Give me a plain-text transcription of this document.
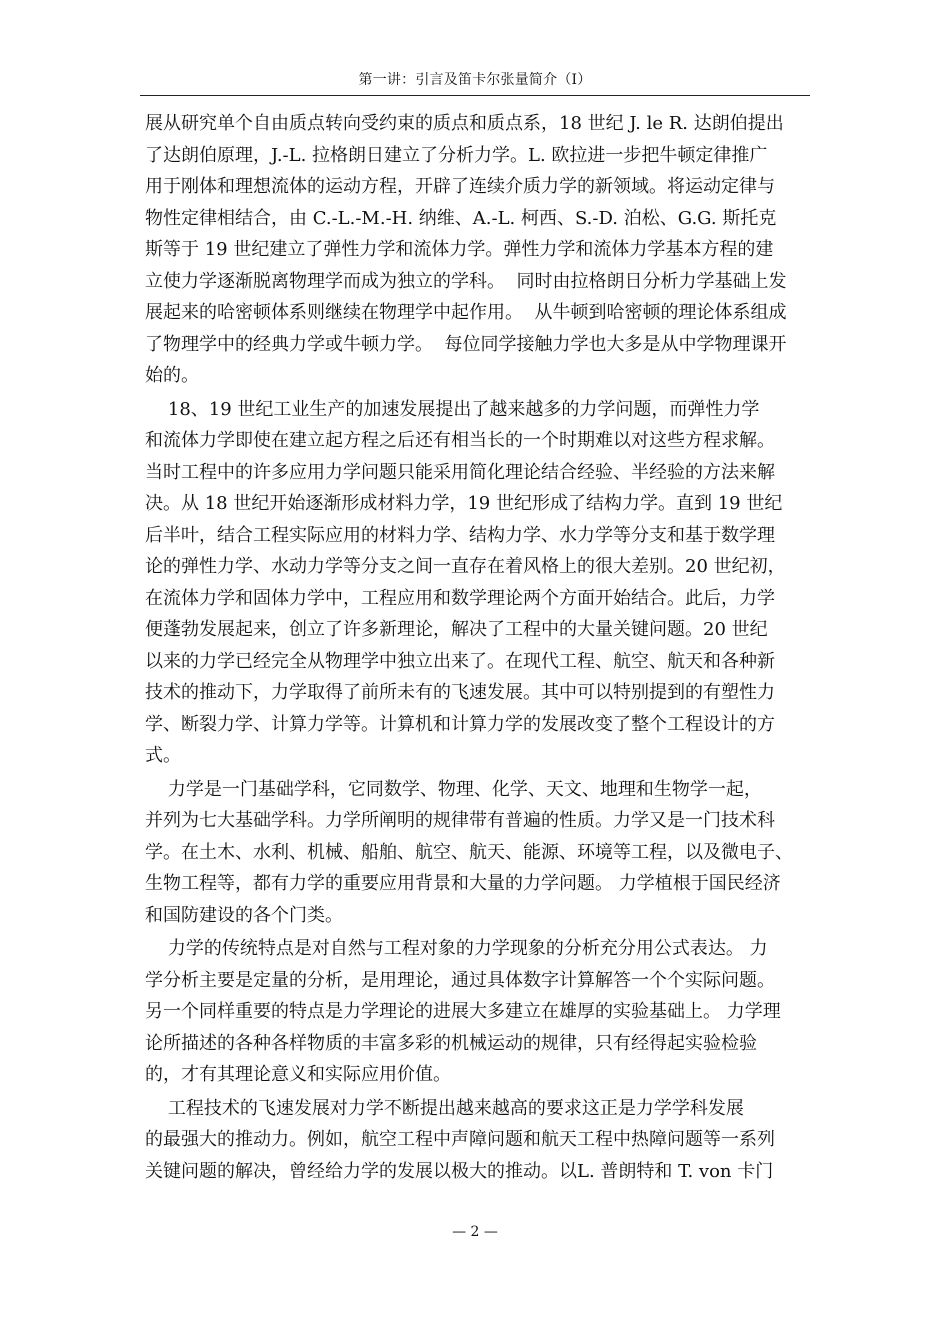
第一讲：引言及笛卡尔张量简介（I）
展从研究单个自由质点转向受约束的质点和质点系，18 世纪 J. le R. 达朗伯提出
了达朗伯原理，J.-L. 拉格朗日建立了分析力学。L. 欧拉进一步把牛顿定律推广
用于刚体和理想流体的运动方程，开辟了连续介质力学的新领域。将运动定律与
物性定律相结合，由 C.-L.-M.-H. 纳维、A.-L. 柯西、S.-D. 泊松、G.G. 斯托克
斯等于 19 世纪建立了弹性力学和流体力学。弹性力学和流体力学基本方程的建
立使力学逐渐脱离物理学而成为独立的学科。  同时由拉格朗日分析力学基础上发
展起来的哈密顿体系则继续在物理学中起作用。  从牛顿到哈密顿的理论体系组成
了物理学中的经典力学或牛顿力学。  每位同学接触力学也大多是从中学物理课开
始的。
18、19 世纪工业生产的加速发展提出了越来越多的力学问题，而弹性力学
和流体力学即使在建立起方程之后还有相当长的一个时期难以对这些方程求解。
当时工程中的许多应用力学问题只能采用简化理论结合经验、半经验的方法来解
决。从 18 世纪开始逐渐形成材料力学，19 世纪形成了结构力学。直到 19 世纪
后半叶，结合工程实际应用的材料力学、结构力学、水力学等分支和基于数学理
论的弹性力学、水动力学等分支之间一直存在着风格上的很大差别。20 世纪初，
在流体力学和固体力学中，工程应用和数学理论两个方面开始结合。此后，力学
便蓬勃发展起来，创立了许多新理论，解决了工程中的大量关键问题。20 世纪
以来的力学已经完全从物理学中独立出来了。在现代工程、航空、航天和各种新
技术的推动下，力学取得了前所未有的飞速发展。其中可以特别提到的有塑性力
学、断裂力学、计算力学等。计算机和计算力学的发展改变了整个工程设计的方
式。
力学是一门基础学科，它同数学、物理、化学、天文、地理和生物学一起，
并列为七大基础学科。力学所阐明的规律带有普遍的性质。力学又是一门技术科
学。在土木、水利、机械、船舶、航空、航天、能源、环境等工程，以及微电子、
生物工程等，都有力学的重要应用背景和大量的力学问题。 力学植根于国民经济
和国防建设的各个门类。
力学的传统特点是对自然与工程对象的力学现象的分析充分用公式表达。 力
学分析主要是定量的分析，是用理论，通过具体数字计算解答一个个实际问题。
另一个同样重要的特点是力学理论的进展大多建立在雄厚的实验基础上。 力学理
论所描述的各种各样物质的丰富多彩的机械运动的规律，只有经得起实验检验
的，才有其理论意义和实际应用价值。
工程技术的飞速发展对力学不断提出越来越高的要求这正是力学学科发展
的最强大的推动力。例如，航空工程中声障问题和航天工程中热障问题等一系列
关键问题的解决，曾经给力学的发展以极大的推动。以L. 普朗特和 T. von 卡门
— 2 —
